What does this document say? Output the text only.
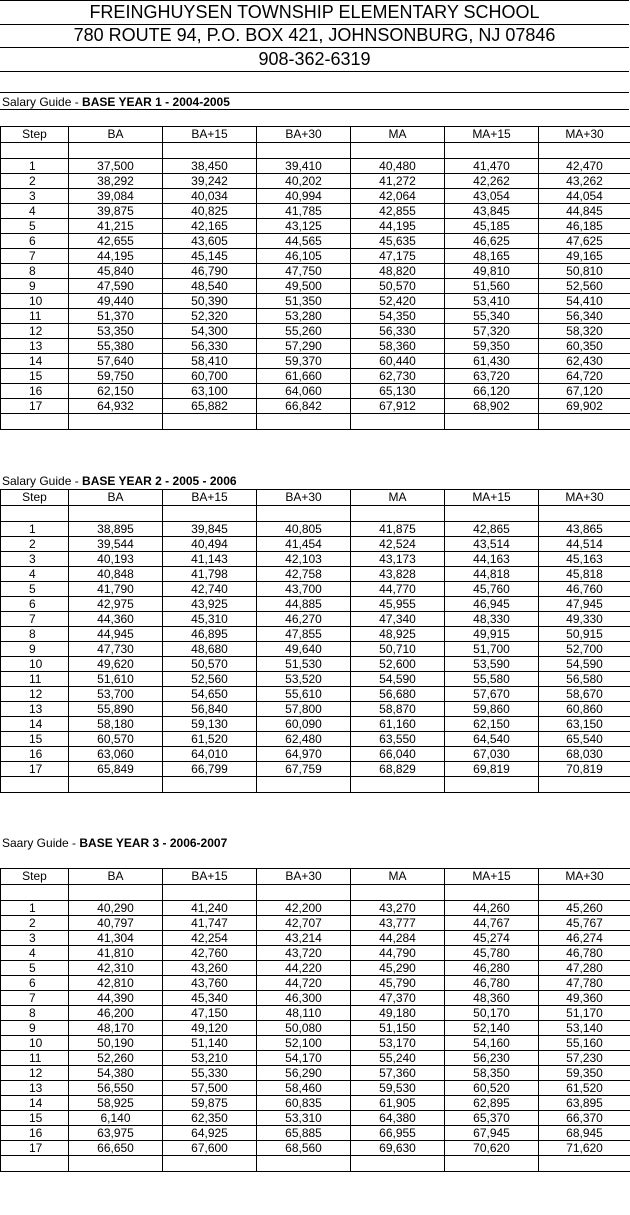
FREINGHUYSEN TOWNSHIP ELEMENTARY SCHOOL
780 ROUTE 94, P.O. BOX 421, JOHNSONBURG, NJ 07846
908-362-6319
Salary Guide - BASE YEAR 1 - 2004-2005
Step	BA	BA+15	BA+30	MA	MA+15	MA+30

1	37,500	38,450	39,410	40,480	41,470	42,470
2	38,292	39,242	40,202	41,272	42,262	43,262
3	39,084	40,034	40,994	42,064	43,054	44,054
4	39,875	40,825	41,785	42,855	43,845	44,845
5	41,215	42,165	43,125	44,195	45,185	46,185
6	42,655	43,605	44,565	45,635	46,625	47,625
7	44,195	45,145	46,105	47,175	48,165	49,165
8	45,840	46,790	47,750	48,820	49,810	50,810
9	47,590	48,540	49,500	50,570	51,560	52,560
10	49,440	50,390	51,350	52,420	53,410	54,410
11	51,370	52,320	53,280	54,350	55,340	56,340
12	53,350	54,300	55,260	56,330	57,320	58,320
13	55,380	56,330	57,290	58,360	59,350	60,350
14	57,640	58,410	59,370	60,440	61,430	62,430
15	59,750	60,700	61,660	62,730	63,720	64,720
16	62,150	63,100	64,060	65,130	66,120	67,120
17	64,932	65,882	66,842	67,912	68,902	69,902

Salary Guide - BASE YEAR 2 - 2005 - 2006
Step	BA	BA+15	BA+30	MA	MA+15	MA+30

1	38,895	39,845	40,805	41,875	42,865	43,865
2	39,544	40,494	41,454	42,524	43,514	44,514
3	40,193	41,143	42,103	43,173	44,163	45,163
4	40,848	41,798	42,758	43,828	44,818	45,818
5	41,790	42,740	43,700	44,770	45,760	46,760
6	42,975	43,925	44,885	45,955	46,945	47,945
7	44,360	45,310	46,270	47,340	48,330	49,330
8	44,945	46,895	47,855	48,925	49,915	50,915
9	47,730	48,680	49,640	50,710	51,700	52,700
10	49,620	50,570	51,530	52,600	53,590	54,590
11	51,610	52,560	53,520	54,590	55,580	56,580
12	53,700	54,650	55,610	56,680	57,670	58,670
13	55,890	56,840	57,800	58,870	59,860	60,860
14	58,180	59,130	60,090	61,160	62,150	63,150
15	60,570	61,520	62,480	63,550	64,540	65,540
16	63,060	64,010	64,970	66,040	67,030	68,030
17	65,849	66,799	67,759	68,829	69,819	70,819

Saary Guide - BASE YEAR 3 - 2006-2007
Step	BA	BA+15	BA+30	MA	MA+15	MA+30

1	40,290	41,240	42,200	43,270	44,260	45,260
2	40,797	41,747	42,707	43,777	44,767	45,767
3	41,304	42,254	43,214	44,284	45,274	46,274
4	41,810	42,760	43,720	44,790	45,780	46,780
5	42,310	43,260	44,220	45,290	46,280	47,280
6	42,810	43,760	44,720	45,790	46,780	47,780
7	44,390	45,340	46,300	47,370	48,360	49,360
8	46,200	47,150	48,110	49,180	50,170	51,170
9	48,170	49,120	50,080	51,150	52,140	53,140
10	50,190	51,140	52,100	53,170	54,160	55,160
11	52,260	53,210	54,170	55,240	56,230	57,230
12	54,380	55,330	56,290	57,360	58,350	59,350
13	56,550	57,500	58,460	59,530	60,520	61,520
14	58,925	59,875	60,835	61,905	62,895	63,895
15	6,140	62,350	53,310	64,380	65,370	66,370
16	63,975	64,925	65,885	66,955	67,945	68,945
17	66,650	67,600	68,560	69,630	70,620	71,620
